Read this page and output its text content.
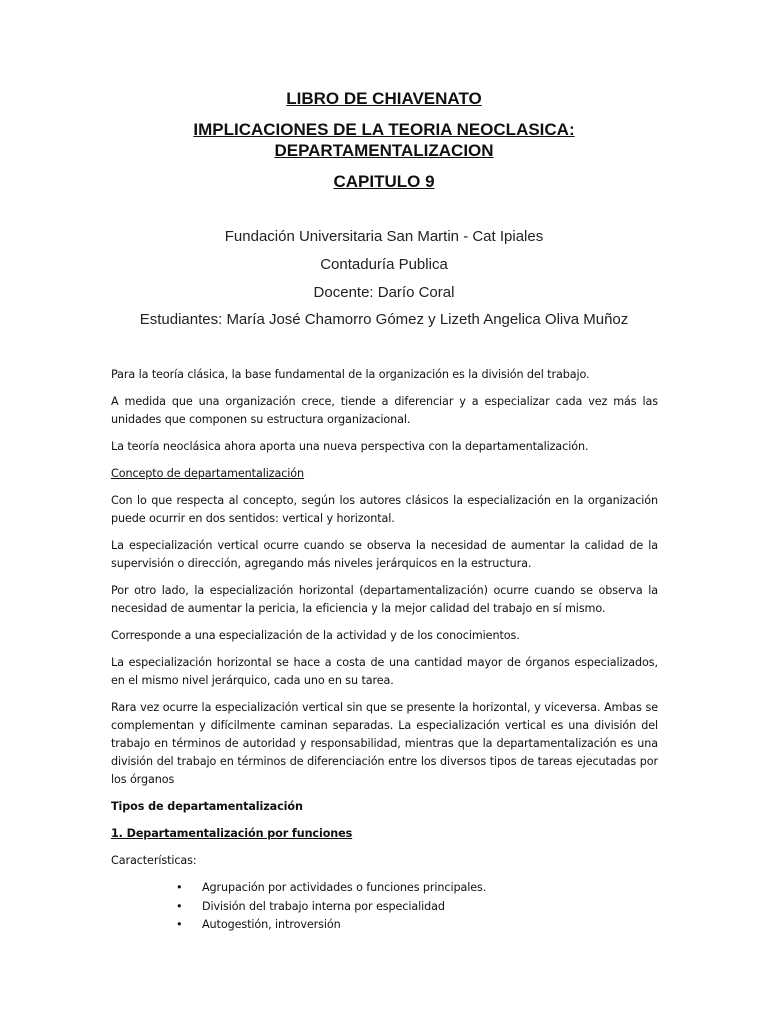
LIBRO DE CHIAVENATO
IMPLICACIONES DE LA TEORIA NEOCLASICA:
DEPARTAMENTALIZACION
CAPITULO 9
Fundación Universitaria San Martin - Cat Ipiales
Contaduría Publica
Docente: Darío Coral
Estudiantes: María José Chamorro Gómez y Lizeth Angelica Oliva Muñoz

Para la teoría clásica, la base fundamental de la organización es la división del trabajo.

A medida que una organización crece, tiende a diferenciar y a especializar cada vez más las unidades que componen su estructura organizacional.

La teoría neoclásica ahora aporta una nueva perspectiva con la departamentalización.

Concepto de departamentalización

Con lo que respecta al concepto, según los autores clásicos la especialización en la organización puede ocurrir en dos sentidos: vertical y horizontal.

La especialización vertical ocurre cuando se observa la necesidad de aumentar la calidad de la supervisión o dirección, agregando más niveles jerárquicos en la estructura.

Por otro lado, la especialización horizontal (departamentalización) ocurre cuando se observa la necesidad de aumentar la pericia, la eficiencia y la mejor calidad del trabajo en sí mismo.

Corresponde a una especialización de la actividad y de los conocimientos.

La especialización horizontal se hace a costa de una cantidad mayor de órganos especializados, en el mismo nivel jerárquico, cada uno en su tarea.

Rara vez ocurre la especialización vertical sin que se presente la horizontal, y viceversa. Ambas se complementan y difícilmente caminan separadas. La especialización vertical es una división del trabajo en términos de autoridad y responsabilidad, mientras que la departamentalización es una división del trabajo en términos de diferenciación entre los diversos tipos de tareas ejecutadas por los órganos

Tipos de departamentalización

1. Departamentalización por funciones

Características:

• Agrupación por actividades o funciones principales.
• División del trabajo interna por especialidad
• Autogestión, introversión
